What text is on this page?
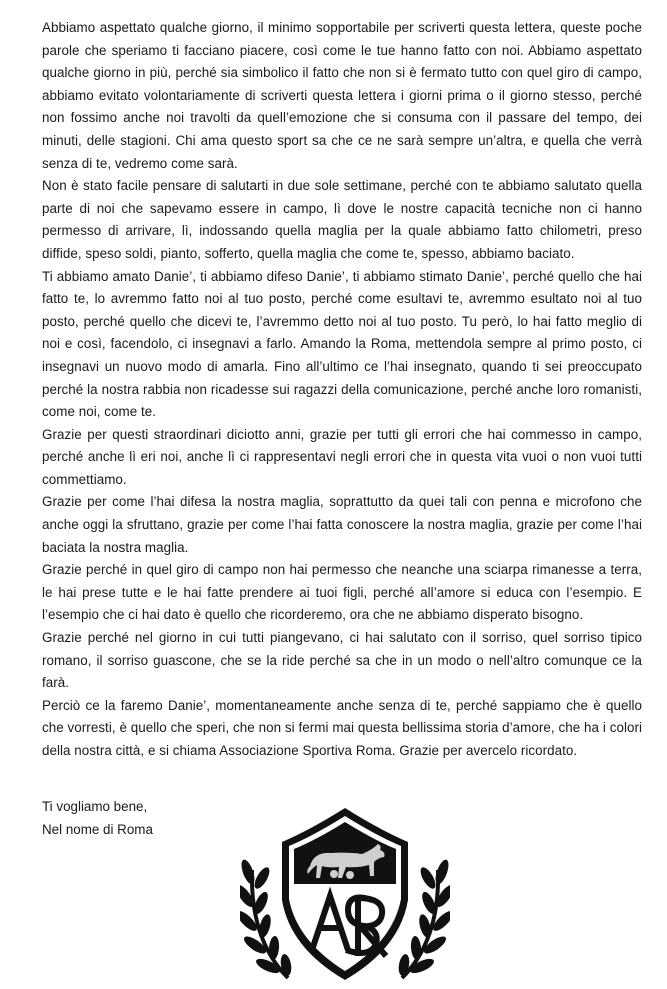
Abbiamo aspettato qualche giorno, il minimo sopportabile per scriverti questa lettera, queste poche parole che speriamo ti facciano piacere, così come le tue hanno fatto con noi. Abbiamo aspettato qualche giorno in più, perché sia simbolico il fatto che non si è fermato tutto con quel giro di campo, abbiamo evitato volontariamente di scriverti questa lettera i giorni prima o il giorno stesso, perché non fossimo anche noi travolti da quell’emozione che si consuma con il passare del tempo, dei minuti, delle stagioni. Chi ama questo sport sa che ce ne sarà sempre un’altra, e quella che verrà senza di te, vedremo come sarà.

Non è stato facile pensare di salutarti in due sole settimane, perché con te abbiamo salutato quella parte di noi che sapevamo essere in campo, lì dove le nostre capacità tecniche non ci hanno permesso di arrivare, lì, indossando quella maglia per la quale abbiamo fatto chilometri, preso diffide, speso soldi, pianto, sofferto, quella maglia che come te, spesso, abbiamo baciato.

Ti abbiamo amato Danie’, ti abbiamo difeso Danie’, ti abbiamo stimato Danie’, perché quello che hai fatto te, lo avremmo fatto noi al tuo posto, perché come esultavi te, avremmo esultato noi al tuo posto, perché quello che dicevi te, l’avremmo detto noi al tuo posto. Tu però, lo hai fatto meglio di noi e così, facendolo, ci insegnavi a farlo. Amando la Roma, mettendola sempre al primo posto, ci insegnavi un nuovo modo di amarla. Fino all’ultimo ce l’hai insegnato, quando ti sei preoccupato perché la nostra rabbia non ricadesse sui ragazzi della comunicazione, perché anche loro romanisti, come noi, come te.

Grazie per questi straordinari diciotto anni, grazie per tutti gli errori che hai commesso in campo, perché anche lì eri noi, anche lì ci rappresentavi negli errori che in questa vita vuoi o non vuoi tutti commettiamo.

Grazie per come l’hai difesa la nostra maglia, soprattutto da quei tali con penna e microfono che anche oggi la sfruttano, grazie per come l’hai fatta conoscere la nostra maglia, grazie per come l’hai baciata la nostra maglia.

Grazie perché in quel giro di campo non hai permesso che neanche una sciarpa rimanesse a terra, le hai prese tutte e le hai fatte prendere ai tuoi figli, perché all’amore si educa con l’esempio. E l’esempio che ci hai dato è quello che ricorderemo, ora che ne abbiamo disperato bisogno.

Grazie perché nel giorno in cui tutti piangevano, ci hai salutato con il sorriso, quel sorriso tipico romano, il sorriso guascone, che se la ride perché sa che in un modo o nell’altro comunque ce la farà.

Perciò ce la faremo Danie’, momentaneamente anche senza di te, perché sappiamo che è quello che vorresti, è quello che speri, che non si fermi mai questa bellissima storia d’amore, che ha i colori della nostra città, e si chiama Associazione Sportiva Roma. Grazie per avercelo ricordato.

Ti vogliamo bene,
Nel nome di Roma
